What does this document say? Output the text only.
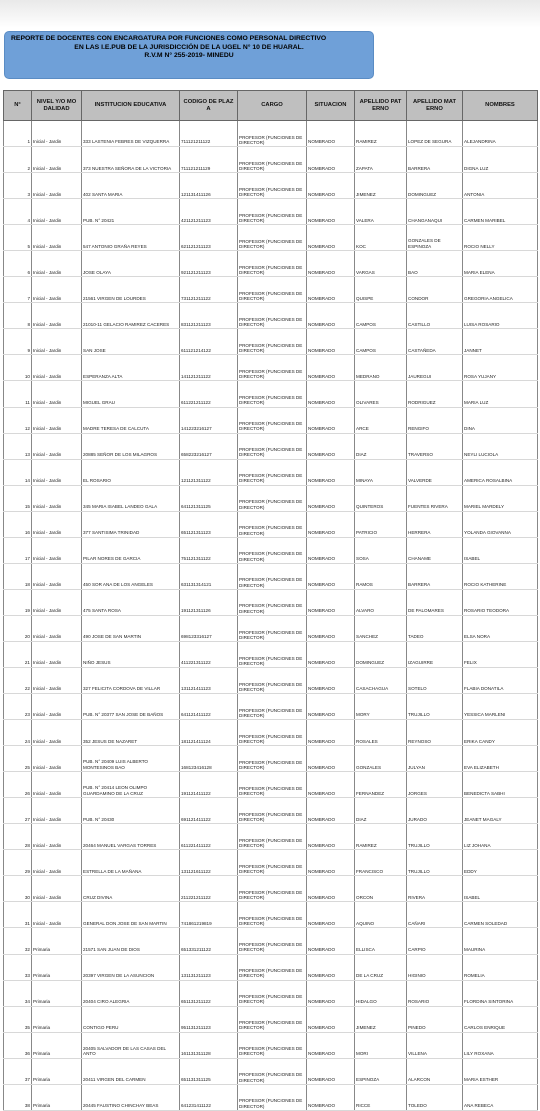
REPORTE DE DOCENTES CON ENCARGATURA POR FUNCIONES COMO PERSONAL DIRECTIVO
EN LAS I.E.PUB DE LA JURISDICCIÓN DE LA UGEL N° 10 DE HUARAL.
R.V.M N° 255-2019- MINEDU
N°	NIVEL Y/O MO DALIDAD	INSTITUCION EDUCATIVA	CODIGO DE PLAZ A	CARGO	SITUACION	APELLIDO PAT ERNO	APELLIDO MAT ERNO	NOMBRES
1	Inicial - Jardin	333 LASTENIA FEBRES DE VIZQUERRA	711121211122	PROFESOR (FUNCIONES DE DIRECTOR)	NOMBRADO	RAMIREZ	LOPEZ DE SEGURA	ALEJANDRINA
2	Inicial - Jardin	373 NUESTRA SEÑORA DE LA VICTORIA	711121211129	PROFESOR (FUNCIONES DE DIRECTOR)	NOMBRADO	ZAPATA	BARRERA	DIGNA LUZ
3	Inicial - Jardin	402 SANTA MARIA	121131411126	PROFESOR (FUNCIONES DE DIRECTOR)	NOMBRADO	JIMENEZ	DOMINGUEZ	ANTONIA
4	Inicial - Jardin	PUB. N° 20421	421121211123	PROFESOR (FUNCIONES DE DIRECTOR)	NOMBRADO	VALERA	CHANGANAQUI	CARMEN MARIBEL
5	Inicial - Jardin	547 ANTONIO GRAÑA REYES	621121211123	PROFESOR (FUNCIONES DE DIRECTOR)	NOMBRADO	KOC	GONZALES DE ESPINOZA	ROCIO NELLY
6	Inicial - Jardin	JOSE OLAYA	921121211123	PROFESOR (FUNCIONES DE DIRECTOR)	NOMBRADO	VARGAS	BAO	MARIA ELENA
7	Inicial - Jardin	21561 VIRGEN DE LOURDES	731121211122	PROFESOR (FUNCIONES DE DIRECTOR)	NOMBRADO	QUISPE	CONDOR	GREGORIA ANGELICA
8	Inicial - Jardin	21010-11 GELACIO RAMIREZ CACERES	831121211123	PROFESOR (FUNCIONES DE DIRECTOR)	NOMBRADO	CAMPOS	CASTILLO	LUISA ROSARIO
9	Inicial - Jardin	SAN JOSE	611121214122	PROFESOR (FUNCIONES DE DIRECTOR)	NOMBRADO	CAMPOS	CASTAÑEDA	JANNET
10	Inicial - Jardin	ESPERANZA ALTA	141121211122	PROFESOR (FUNCIONES DE DIRECTOR)	NOMBRADO	MEDRANO	JAUREGUI	ROSA YUJANY
11	Inicial - Jardin	MIGUEL GRAU	611221211122	PROFESOR (FUNCIONES DE DIRECTOR)	NOMBRADO	OLIVARES	RODRIGUEZ	MARIA LUZ
12	Inicial - Jardin	MADRE TERESA DE CALCUTA	141223216127	PROFESOR (FUNCIONES DE DIRECTOR)	NOMBRADO	ARCE	RENGIFO	DINA
13	Inicial - Jardin	20885 SEÑOR DE LOS MILAGROS	658223216127	PROFESOR (FUNCIONES DE DIRECTOR)	NOMBRADO	DIAZ	TRAVERSO	NEYLI LUCIOLA
14	Inicial - Jardin	EL ROSARIO	121121311122	PROFESOR (FUNCIONES DE DIRECTOR)	NOMBRADO	MINAYA	VALVERDE	AMERICA ROSALBINA
15	Inicial - Jardin	345 MARIA ISABEL LANDEO GALA	641121311125	PROFESOR (FUNCIONES DE DIRECTOR)	NOMBRADO	QUINTEROS	FUENTES RIVERA	MARIEL MARDELY
16	Inicial - Jardin	377 SANTISIMA TRINIDAD	651121311123	PROFESOR (FUNCIONES DE DIRECTOR)	NOMBRADO	PATRICIO	HERRERA	YOLANDA GIOVANNA
17	Inicial - Jardin	PILAR NORES DE GARCIA	751121311122	PROFESOR (FUNCIONES DE DIRECTOR)	NOMBRADO	SOSA	CHANAME	ISABEL
18	Inicial - Jardin	450 SOR ANA DE LOS ANGELES	631131314121	PROFESOR (FUNCIONES DE DIRECTOR)	NOMBRADO	RAMOS	BARRERA	ROCIO KATHERINE
19	Inicial - Jardin	475 SANTA ROSA	191121311126	PROFESOR (FUNCIONES DE DIRECTOR)	NOMBRADO	ALVARO	DE PALOMARES	ROSARIO TEODORA
20	Inicial - Jardin	490 JOSE DE SAN MARTIN	698123316127	PROFESOR (FUNCIONES DE DIRECTOR)	NOMBRADO	SANCHEZ	TADEO	ELSA NORA
21	Inicial - Jardin	NIÑO JESUS	411221311122	PROFESOR (FUNCIONES DE DIRECTOR)	NOMBRADO	DOMINGUEZ	IZAGUIRRE	FELIX
22	Inicial - Jardin	327 FELICITA CORDOVA DE VILLAR	131121411123	PROFESOR (FUNCIONES DE DIRECTOR)	NOMBRADO	CASACHAGUA	SOTELO	FLABIA DONATILA
23	Inicial - Jardin	PUB. N° 20377 SAN JOSE DE BAÑOS	641121411122	PROFESOR (FUNCIONES DE DIRECTOR)	NOMBRADO	MORY	TRUJILLO	YESSICA MARLENI
24	Inicial - Jardin	352 JESUS DE NAZARET	181121411124	PROFESOR (FUNCIONES DE DIRECTOR)	NOMBRADO	ROSALES	REYNOSO	ERIKA CANDY
25	Inicial - Jardin	PUB. N° 20409 LUIS ALBERTO MONTESINOS BAO	168123416128	PROFESOR (FUNCIONES DE DIRECTOR)	NOMBRADO	GONZALES	JULYAN	EVA ELIZABETH
26	Inicial - Jardin	PUB. N° 20414 LEON OLIMPO GUARDAMINO DE LA CRUZ	191121411122	PROFESOR (FUNCIONES DE DIRECTOR)	NOMBRADO	FERNANDEZ	JORGES	BENEDICTA SABHI
27	Inicial - Jardin	PUB. N° 20430	691121411122	PROFESOR (FUNCIONES DE DIRECTOR)	NOMBRADO	DIAZ	JURADO	JEANET MAGALY
28	Inicial - Jardin	20464 MANUEL VARGAS TORRES	611221411122	PROFESOR (FUNCIONES DE DIRECTOR)	NOMBRADO	RAMIREZ	TRUJILLO	LIZ JOHANA
29	Inicial - Jardin	ESTRELLA DE LA MAÑANA	131121611122	PROFESOR (FUNCIONES DE DIRECTOR)	NOMBRADO	FRANCISCO	TRUJILLO	EDDY
30	Inicial - Jardin	CRUZ DIVINA	211221211122	PROFESOR (FUNCIONES DE DIRECTOR)	NOMBRADO	ORCON	RIVERA	ISABEL
31	Inicial - Jardin	GENERAL DON JOSE DE SAN MARTIN	741861219819	PROFESOR (FUNCIONES DE DIRECTOR)	NOMBRADO	AQUINO	CAÑARI	CARMEN SOLEDAD
32	Primaria	21571 SAN JUAN DE DIOS	651331211122	PROFESOR (FUNCIONES DE DIRECTOR)	NOMBRADO	ELLISCA	CARPIO	MAURINA
33	Primaria	20397 VIRGEN DE LA ASUNCION	131131211123	PROFESOR (FUNCIONES DE DIRECTOR)	NOMBRADO	DE LA CRUZ	HIGINIO	ROMELIA
34	Primaria	20404 CIRO ALEGRIA	651131211122	PROFESOR (FUNCIONES DE DIRECTOR)	NOMBRADO	HIDALGO	ROSARIO	FLORDINA SINTORINA
35	Primaria	CONTIGO PERU	951131211123	PROFESOR (FUNCIONES DE DIRECTOR)	NOMBRADO	JIMENEZ	PINEDO	CARLOS ENRIQUE
36	Primaria	20405 SALVADOR DE LAS CASAS DEL ANTO	161131311128	PROFESOR (FUNCIONES DE DIRECTOR)	NOMBRADO	MORI	VILLENA	LILY ROXANA
37	Primaria	20411 VIRGEN DEL CARMEN	651131311125	PROFESOR (FUNCIONES DE DIRECTOR)	NOMBRADO	ESPINOZA	ALARCON	MARIA ESTHER
38	Primaria	20445 FAUSTINO CHINCHAY BEAS	641231411122	PROFESOR (FUNCIONES DE DIRECTOR)	NOMBRADO	RICCE	TOLEDO	ANA REBECA
